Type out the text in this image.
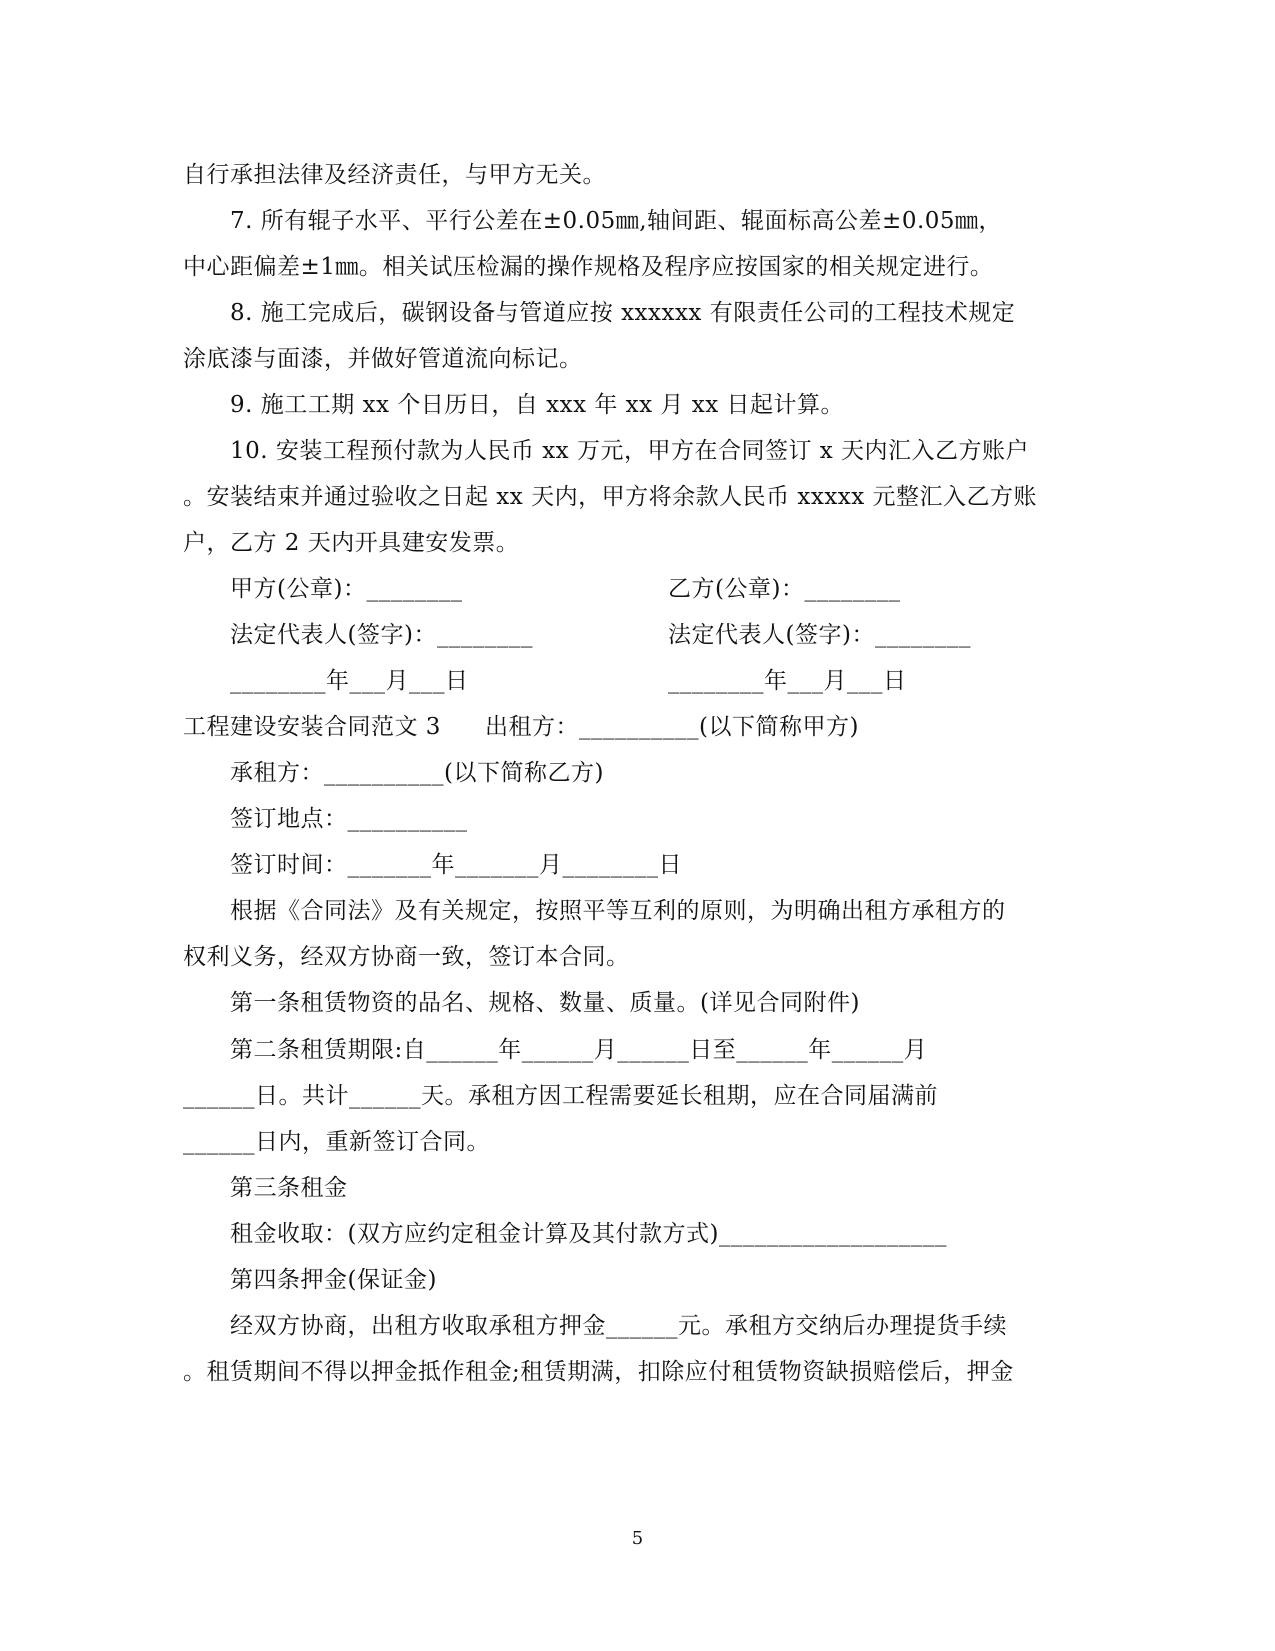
自行承担法律及经济责任，与甲方无关。
7. 所有辊子水平、平行公差在±0.05㎜,轴间距、辊面标高公差±0.05㎜，
中心距偏差±1㎜。相关试压检漏的操作规格及程序应按国家的相关规定进行。
8. 施工完成后，碳钢设备与管道应按 xxxxxx 有限责任公司的工程技术规定
涂底漆与面漆，并做好管道流向标记。
9. 施工工期 xx 个日历日，自 xxx 年 xx 月 xx 日起计算。
10. 安装工程预付款为人民币 xx 万元，甲方在合同签订 x 天内汇入乙方账户
。安装结束并通过验收之日起 xx 天内，甲方将余款人民币 xxxxx 元整汇入乙方账
户，乙方 2 天内开具建安发票。
甲方(公章)：________	乙方(公章)：________
法定代表人(签字)：________	法定代表人(签字)：________
________年___月___日	________年___月___日
工程建设安装合同范文 3 出租方：__________(以下简称甲方)
承租方：__________(以下简称乙方)
签订地点：__________
签订时间：_______年_______月________日
根据《合同法》及有关规定，按照平等互利的原则，为明确出租方承租方的
权利义务，经双方协商一致，签订本合同。
第一条租赁物资的品名、规格、数量、质量。(详见合同附件)
第二条租赁期限:自______年______月______日至______年______月
______日。共计______天。承租方因工程需要延长租期，应在合同届满前
______日内，重新签订合同。
第三条租金
租金收取：(双方应约定租金计算及其付款方式)___________________
第四条押金(保证金)
经双方协商，出租方收取承租方押金______元。承租方交纳后办理提货手续
。租赁期间不得以押金抵作租金;租赁期满，扣除应付租赁物资缺损赔偿后，押金
5
